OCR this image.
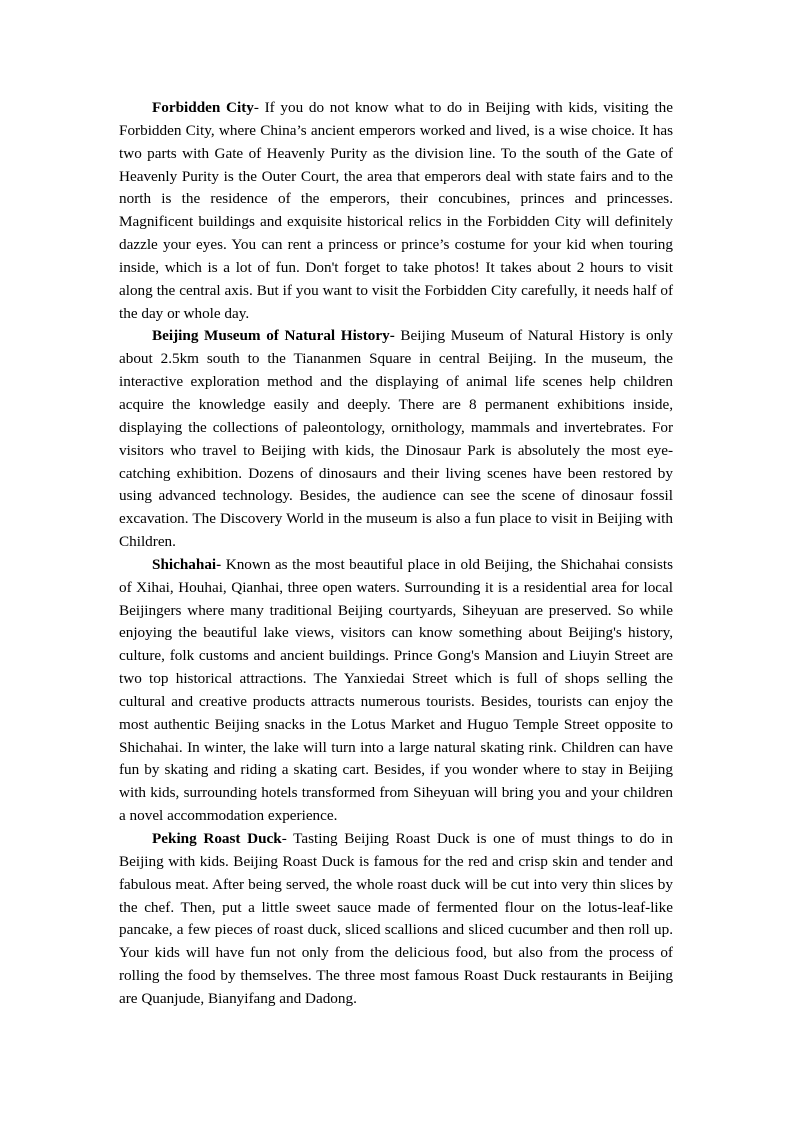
Forbidden City- If you do not know what to do in Beijing with kids, visiting the Forbidden City, where China’s ancient emperors worked and lived, is a wise choice. It has two parts with Gate of Heavenly Purity as the division line. To the south of the Gate of Heavenly Purity is the Outer Court, the area that emperors deal with state fairs and to the north is the residence of the emperors, their concubines, princes and princesses. Magnificent buildings and exquisite historical relics in the Forbidden City will definitely dazzle your eyes. You can rent a princess or prince’s costume for your kid when touring inside, which is a lot of fun. Don't forget to take photos! It takes about 2 hours to visit along the central axis. But if you want to visit the Forbidden City carefully, it needs half of the day or whole day.

Beijing Museum of Natural History- Beijing Museum of Natural History is only about 2.5km south to the Tiananmen Square in central Beijing. In the museum, the interactive exploration method and the displaying of animal life scenes help children acquire the knowledge easily and deeply. There are 8 permanent exhibitions inside, displaying the collections of paleontology, ornithology, mammals and invertebrates. For visitors who travel to Beijing with kids, the Dinosaur Park is absolutely the most eye-catching exhibition. Dozens of dinosaurs and their living scenes have been restored by using advanced technology. Besides, the audience can see the scene of dinosaur fossil excavation. The Discovery World in the museum is also a fun place to visit in Beijing with Children.

Shichahai- Known as the most beautiful place in old Beijing, the Shichahai consists of Xihai, Houhai, Qianhai, three open waters. Surrounding it is a residential area for local Beijingers where many traditional Beijing courtyards, Siheyuan are preserved. So while enjoying the beautiful lake views, visitors can know something about Beijing's history, culture, folk customs and ancient buildings. Prince Gong's Mansion and Liuyin Street are two top historical attractions. The Yanxiedai Street which is full of shops selling the cultural and creative products attracts numerous tourists. Besides, tourists can enjoy the most authentic Beijing snacks in the Lotus Market and Huguo Temple Street opposite to Shichahai. In winter, the lake will turn into a large natural skating rink. Children can have fun by skating and riding a skating cart. Besides, if you wonder where to stay in Beijing with kids, surrounding hotels transformed from Siheyuan will bring you and your children a novel accommodation experience.

Peking Roast Duck- Tasting Beijing Roast Duck is one of must things to do in Beijing with kids. Beijing Roast Duck is famous for the red and crisp skin and tender and fabulous meat. After being served, the whole roast duck will be cut into very thin slices by the chef. Then, put a little sweet sauce made of fermented flour on the lotus-leaf-like pancake, a few pieces of roast duck, sliced scallions and sliced cucumber and then roll up. Your kids will have fun not only from the delicious food, but also from the process of rolling the food by themselves. The three most famous Roast Duck restaurants in Beijing are Quanjude, Bianyifang and Dadong.
